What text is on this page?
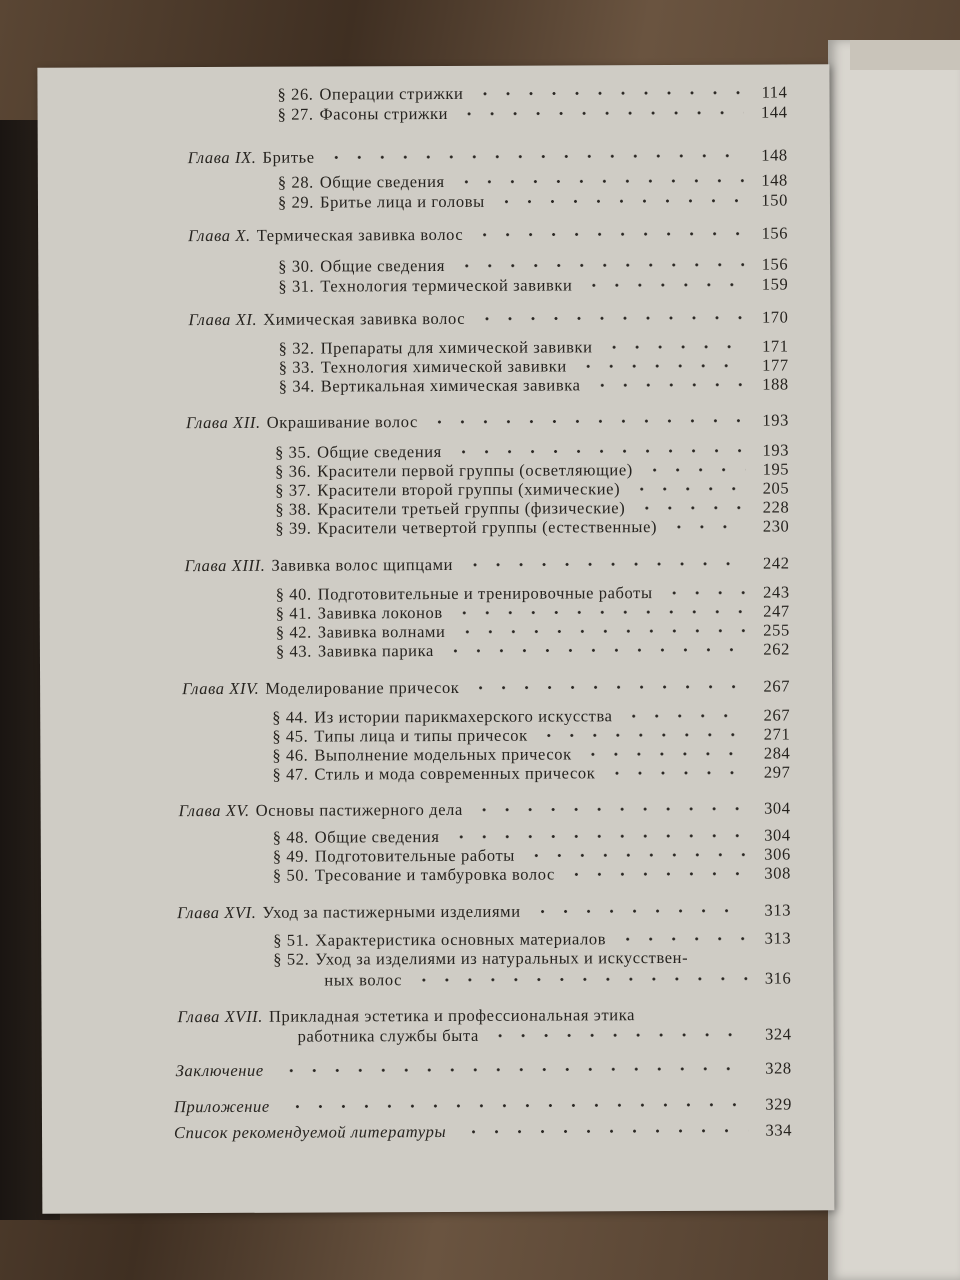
§ 26. Операции стрижки	114
§ 27. Фасоны стрижки	144
Глава IX. Бритье	148
§ 28. Общие сведения	148
§ 29. Бритье лица и головы	150
Глава X. Термическая завивка волос	156
§ 30. Общие сведения	156
§ 31. Технология термической завивки	159
Глава XI. Химическая завивка волос	170
§ 32. Препараты для химической завивки	171
§ 33. Технология химической завивки	177
§ 34. Вертикальная химическая завивка	188
Глава XII. Окрашивание волос	193
§ 35. Общие сведения	193
§ 36. Красители первой группы (осветляющие)	195
§ 37. Красители второй группы (химические)	205
§ 38. Красители третьей группы (физические)	228
§ 39. Красители четвертой группы (естественные)	230
Глава XIII. Завивка волос щипцами	242
§ 40. Подготовительные и тренировочные работы	243
§ 41. Завивка локонов	247
§ 42. Завивка волнами	255
§ 43. Завивка парика	262
Глава XIV. Моделирование причесок	267
§ 44. Из истории парикмахерского искусства	267
§ 45. Типы лица и типы причесок	271
§ 46. Выполнение модельных причесок	284
§ 47. Стиль и мода современных причесок	297
Глава XV. Основы пастижерного дела	304
§ 48. Общие сведения	304
§ 49. Подготовительные работы	306
§ 50. Тресование и тамбуровка волос	308
Глава XVI. Уход за пастижерными изделиями	313
§ 51. Характеристика основных материалов	313
§ 52. Уход за изделиями из натуральных и искусствен-
ных волос	316
Глава XVII. Прикладная эстетика и профессиональная этика
работника службы быта	324
Заключение	328
Приложение	329
Список рекомендуемой литературы	334
